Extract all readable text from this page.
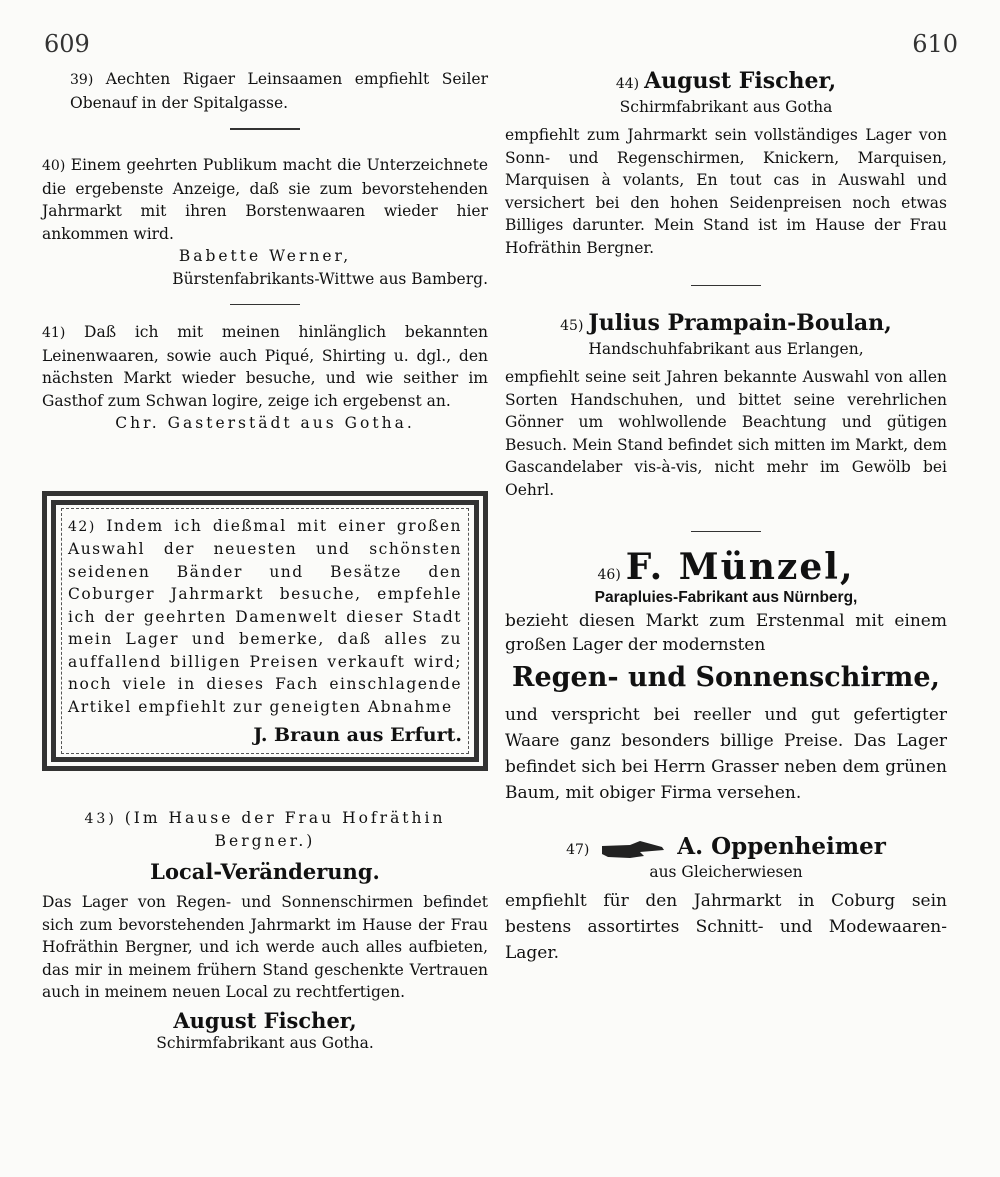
609	610

39) Aechten Rigaer Leinsaamen empfiehlt Seiler Obenauf in der Spitalgasse.

40) Einem geehrten Publikum macht die Unterzeichnete die ergebenste Anzeige, daß sie zum bevorstehenden Jahrmarkt mit ihren Borstenwaaren wieder hier ankommen wird.

Babette Werner,

Bürstenfabrikants-Wittwe aus Bamberg.

41) Daß ich mit meinen hinlänglich bekannten Leinenwaaren, sowie auch Piqué, Shirting u. dgl., den nächsten Markt wieder besuche, und wie seither im Gasthof zum Schwan logire, zeige ich ergebenst an.

Chr. Gasterstädt aus Gotha.

42) Indem ich dießmal mit einer großen Auswahl der neuesten und schönsten seidenen Bänder und Besätze den Coburger Jahrmarkt besuche, empfehle ich der geehrten Damenwelt dieser Stadt mein Lager und bemerke, daß alles zu auffallend billigen Preisen verkauft wird; noch viele in dieses Fach einschlagende Artikel empfiehlt zur geneigten Abnahme

J. Braun aus Erfurt.

43) (Im Hause der Frau Hofräthin Bergner.)

Local-Veränderung.

Das Lager von Regen- und Sonnenschirmen befindet sich zum bevorstehenden Jahrmarkt im Hause der Frau Hofräthin Bergner, und ich werde auch alles aufbieten, das mir in meinem frühern Stand geschenkte Vertrauen auch in meinem neuen Local zu rechtfertigen.

August Fischer,

Schirmfabrikant aus Gotha.

44) August Fischer,

Schirmfabrikant aus Gotha

empfiehlt zum Jahrmarkt sein vollständiges Lager von Sonn- und Regenschirmen, Knickern, Marquisen, Marquisen à volants, En tout cas in Auswahl und versichert bei den hohen Seidenpreisen noch etwas Billiges darunter. Mein Stand ist im Hause der Frau Hofräthin Bergner.

45) Julius Prampain-Boulan,

Handschuhfabrikant aus Erlangen,

empfiehlt seine seit Jahren bekannte Auswahl von allen Sorten Handschuhen, und bittet seine verehrlichen Gönner um wohlwollende Beachtung und gütigen Besuch. Mein Stand befindet sich mitten im Markt, dem Gascandelaber vis-à-vis, nicht mehr im Gewölb bei Oehrl.

46) F. Münzel,

Parapluies-Fabrikant aus Nürnberg,

bezieht diesen Markt zum Erstenmal mit einem großen Lager der modernsten

Regen- und Sonnenschirme,

und verspricht bei reeller und gut gefertigter Waare ganz besonders billige Preise. Das Lager befindet sich bei Herrn Grasser neben dem grünen Baum, mit obiger Firma versehen.

47)	A. Oppenheimer

aus Gleicherwiesen

empfiehlt für den Jahrmarkt in Coburg sein bestens assortirtes Schnitt- und Modewaaren-Lager.
